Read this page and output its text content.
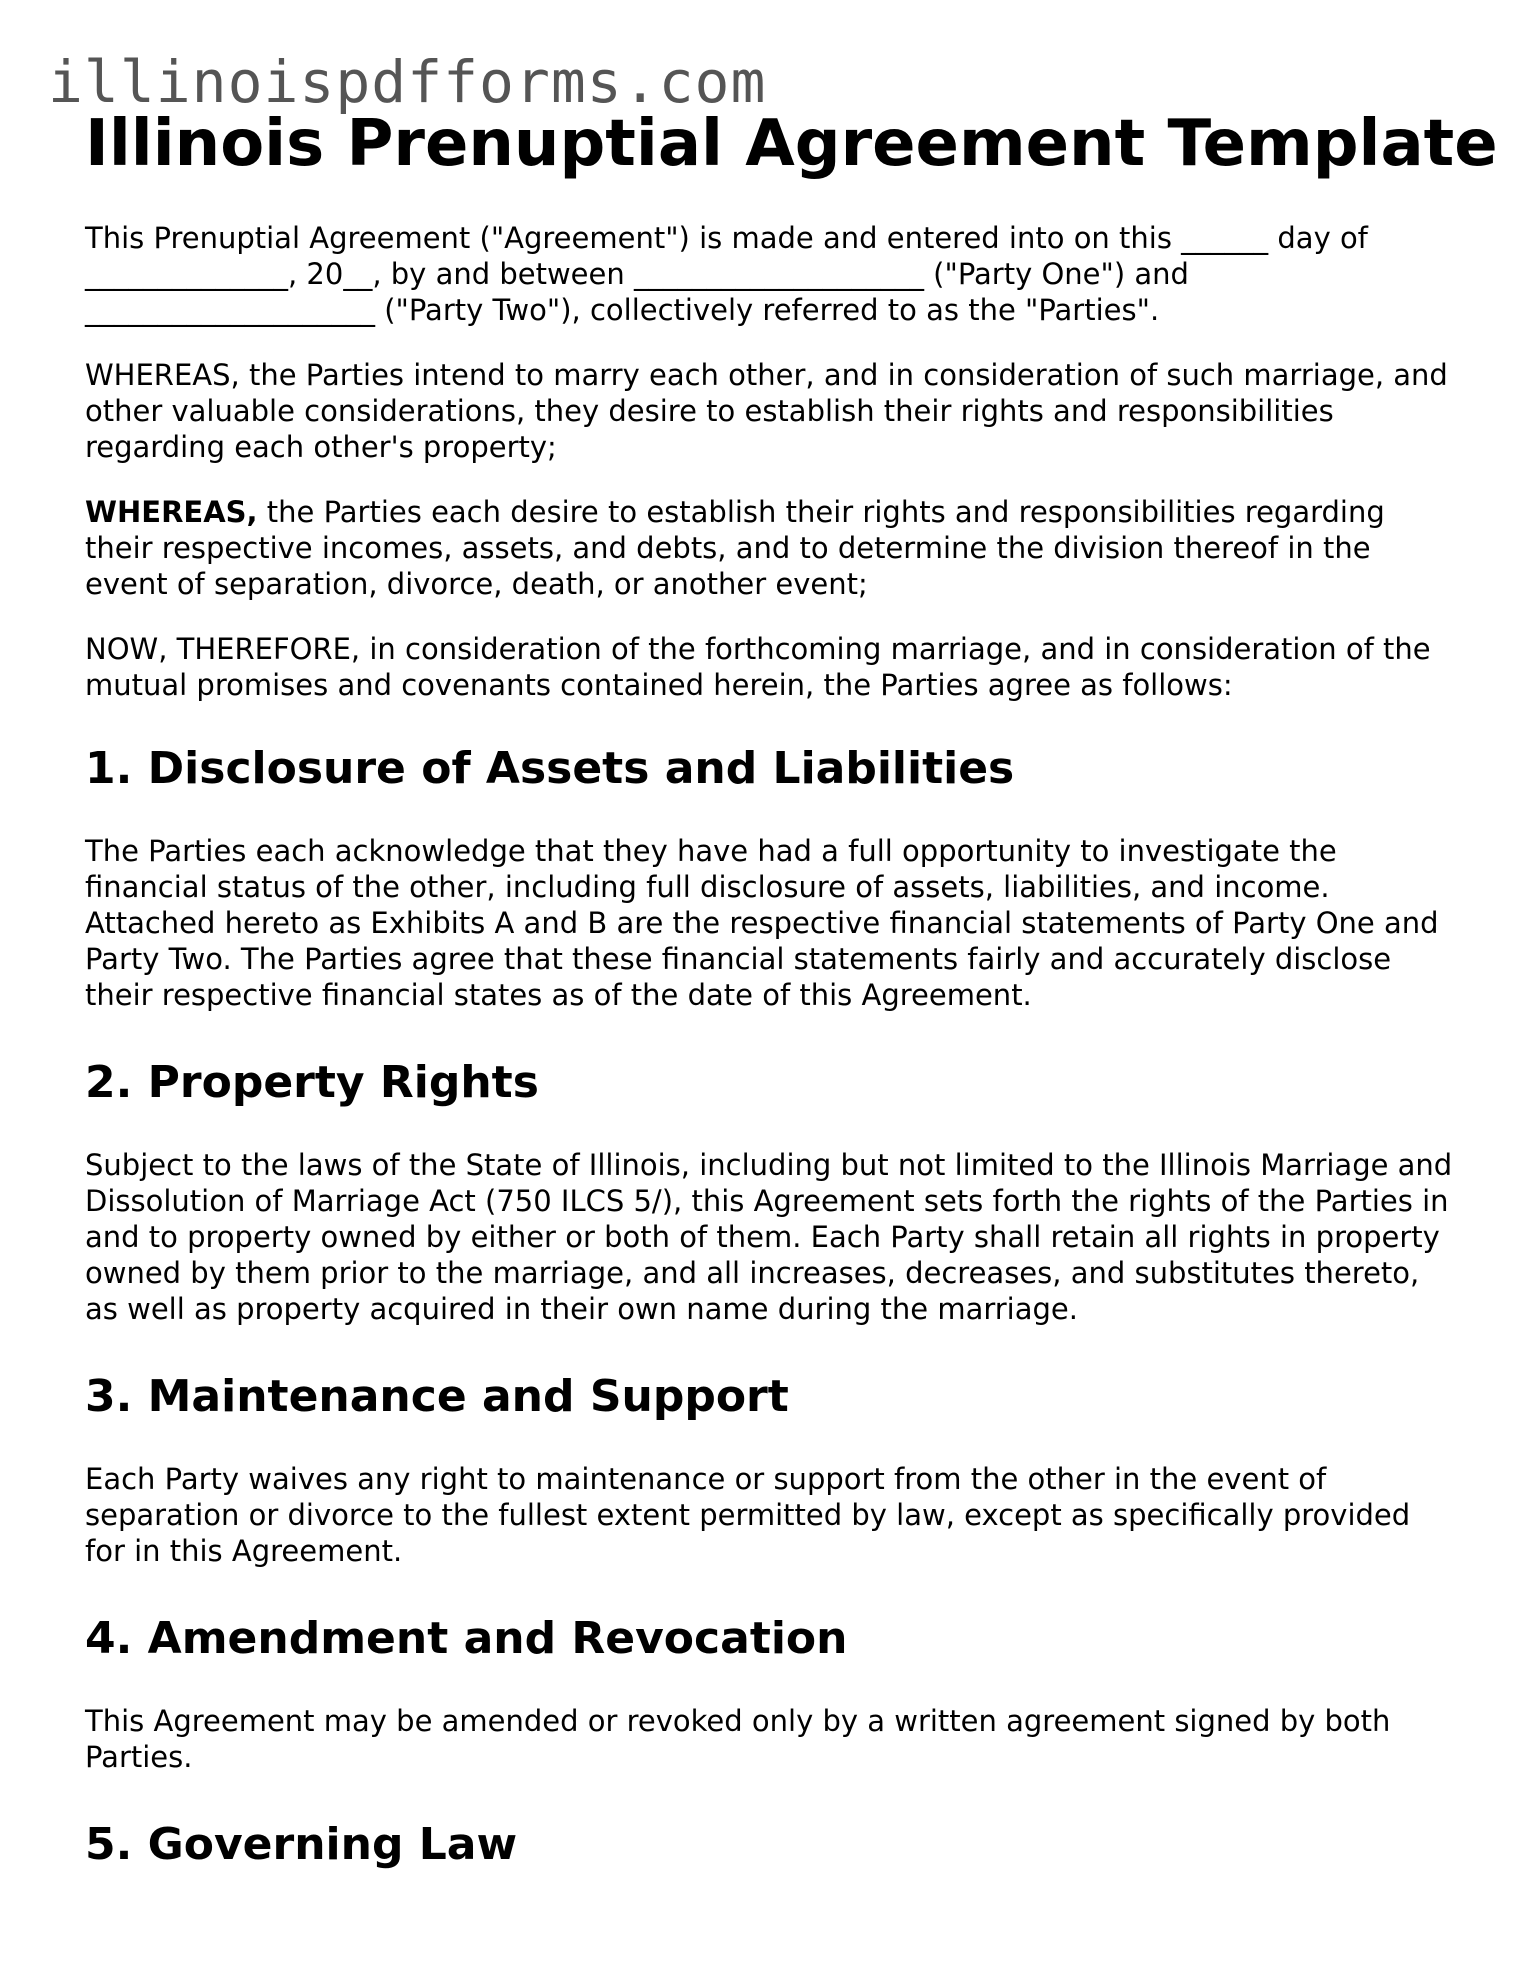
illinoispdfforms.com
Illinois Prenuptial Agreement Template

This Prenuptial Agreement ("Agreement") is made and entered into on this ______ day of ______________, 20__, by and between ____________________ ("Party One") and ____________________ ("Party Two"), collectively referred to as the "Parties".

WHEREAS, the Parties intend to marry each other, and in consideration of such marriage, and other valuable considerations, they desire to establish their rights and responsibilities regarding each other's property;

WHEREAS, the Parties each desire to establish their rights and responsibilities regarding their respective incomes, assets, and debts, and to determine the division thereof in the event of separation, divorce, death, or another event;

NOW, THEREFORE, in consideration of the forthcoming marriage, and in consideration of the mutual promises and covenants contained herein, the Parties agree as follows:

1. Disclosure of Assets and Liabilities

The Parties each acknowledge that they have had a full opportunity to investigate the financial status of the other, including full disclosure of assets, liabilities, and income. Attached hereto as Exhibits A and B are the respective financial statements of Party One and Party Two. The Parties agree that these financial statements fairly and accurately disclose their respective financial states as of the date of this Agreement.

2. Property Rights

Subject to the laws of the State of Illinois, including but not limited to the Illinois Marriage and Dissolution of Marriage Act (750 ILCS 5/), this Agreement sets forth the rights of the Parties in and to property owned by either or both of them. Each Party shall retain all rights in property owned by them prior to the marriage, and all increases, decreases, and substitutes thereto, as well as property acquired in their own name during the marriage.

3. Maintenance and Support

Each Party waives any right to maintenance or support from the other in the event of separation or divorce to the fullest extent permitted by law, except as specifically provided for in this Agreement.

4. Amendment and Revocation

This Agreement may be amended or revoked only by a written agreement signed by both Parties.

5. Governing Law
